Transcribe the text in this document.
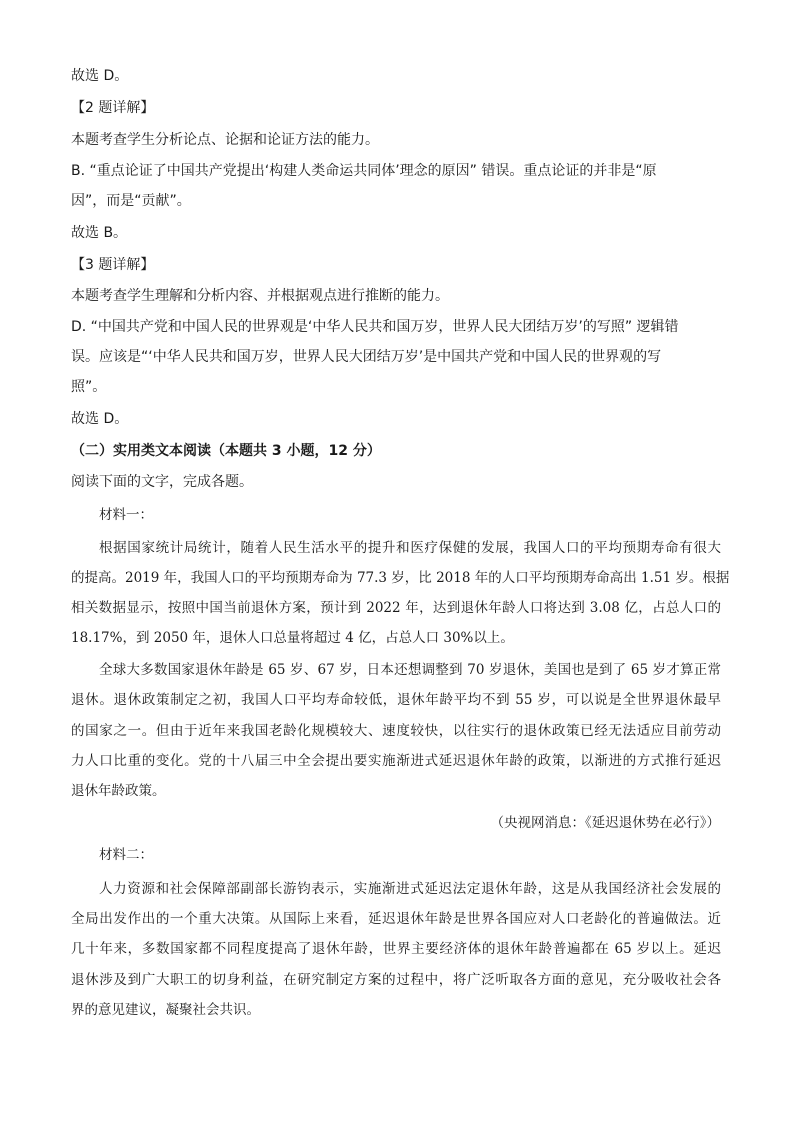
故选 D。
【2 题详解】
本题考查学生分析论点、论据和论证方法的能力。
B. “重点论证了中国共产党提出‘构建人类命运共同体’理念的原因” 错误。重点论证的并非是“原
因”，而是“贡献”。
故选 B。
【3 题详解】
本题考查学生理解和分析内容、并根据观点进行推断的能力。
D. “中国共产党和中国人民的世界观是‘中华人民共和国万岁，世界人民大团结万岁’的写照” 逻辑错
误。应该是“‘中华人民共和国万岁，世界人民大团结万岁’是中国共产党和中国人民的世界观的写
照”。
故选 D。
（二）实用类文本阅读（本题共 3 小题，12 分）
阅读下面的文字，完成各题。
材料一：
根据国家统计局统计，随着人民生活水平的提升和医疗保健的发展，我国人口的平均预期寿命有很大
的提高。2019 年，我国人口的平均预期寿命为 77.3 岁，比 2018 年的人口平均预期寿命高出 1.51 岁。根据
相关数据显示，按照中国当前退休方案，预计到 2022 年，达到退休年龄人口将达到 3.08 亿，占总人口的
18.17%，到 2050 年，退休人口总量将超过 4 亿，占总人口 30%以上。
全球大多数国家退休年龄是 65 岁、67 岁，日本还想调整到 70 岁退休，美国也是到了 65 岁才算正常
退休。退休政策制定之初，我国人口平均寿命较低，退休年龄平均不到 55 岁，可以说是全世界退休最早
的国家之一。但由于近年来我国老龄化规模较大、速度较快，以往实行的退休政策已经无法适应目前劳动
力人口比重的变化。党的十八届三中全会提出要实施渐进式延迟退休年龄的政策，以渐进的方式推行延迟
退休年龄政策。
（央视网消息：《延迟退休势在必行》）
材料二：
人力资源和社会保障部副部长游钧表示，实施渐进式延迟法定退休年龄，这是从我国经济社会发展的
全局出发作出的一个重大决策。从国际上来看，延迟退休年龄是世界各国应对人口老龄化的普遍做法。近
几十年来，多数国家都不同程度提高了退休年龄，世界主要经济体的退休年龄普遍都在 65 岁以上。延迟
退休涉及到广大职工的切身利益，在研究制定方案的过程中，将广泛听取各方面的意见，充分吸收社会各
界的意见建议，凝聚社会共识。
